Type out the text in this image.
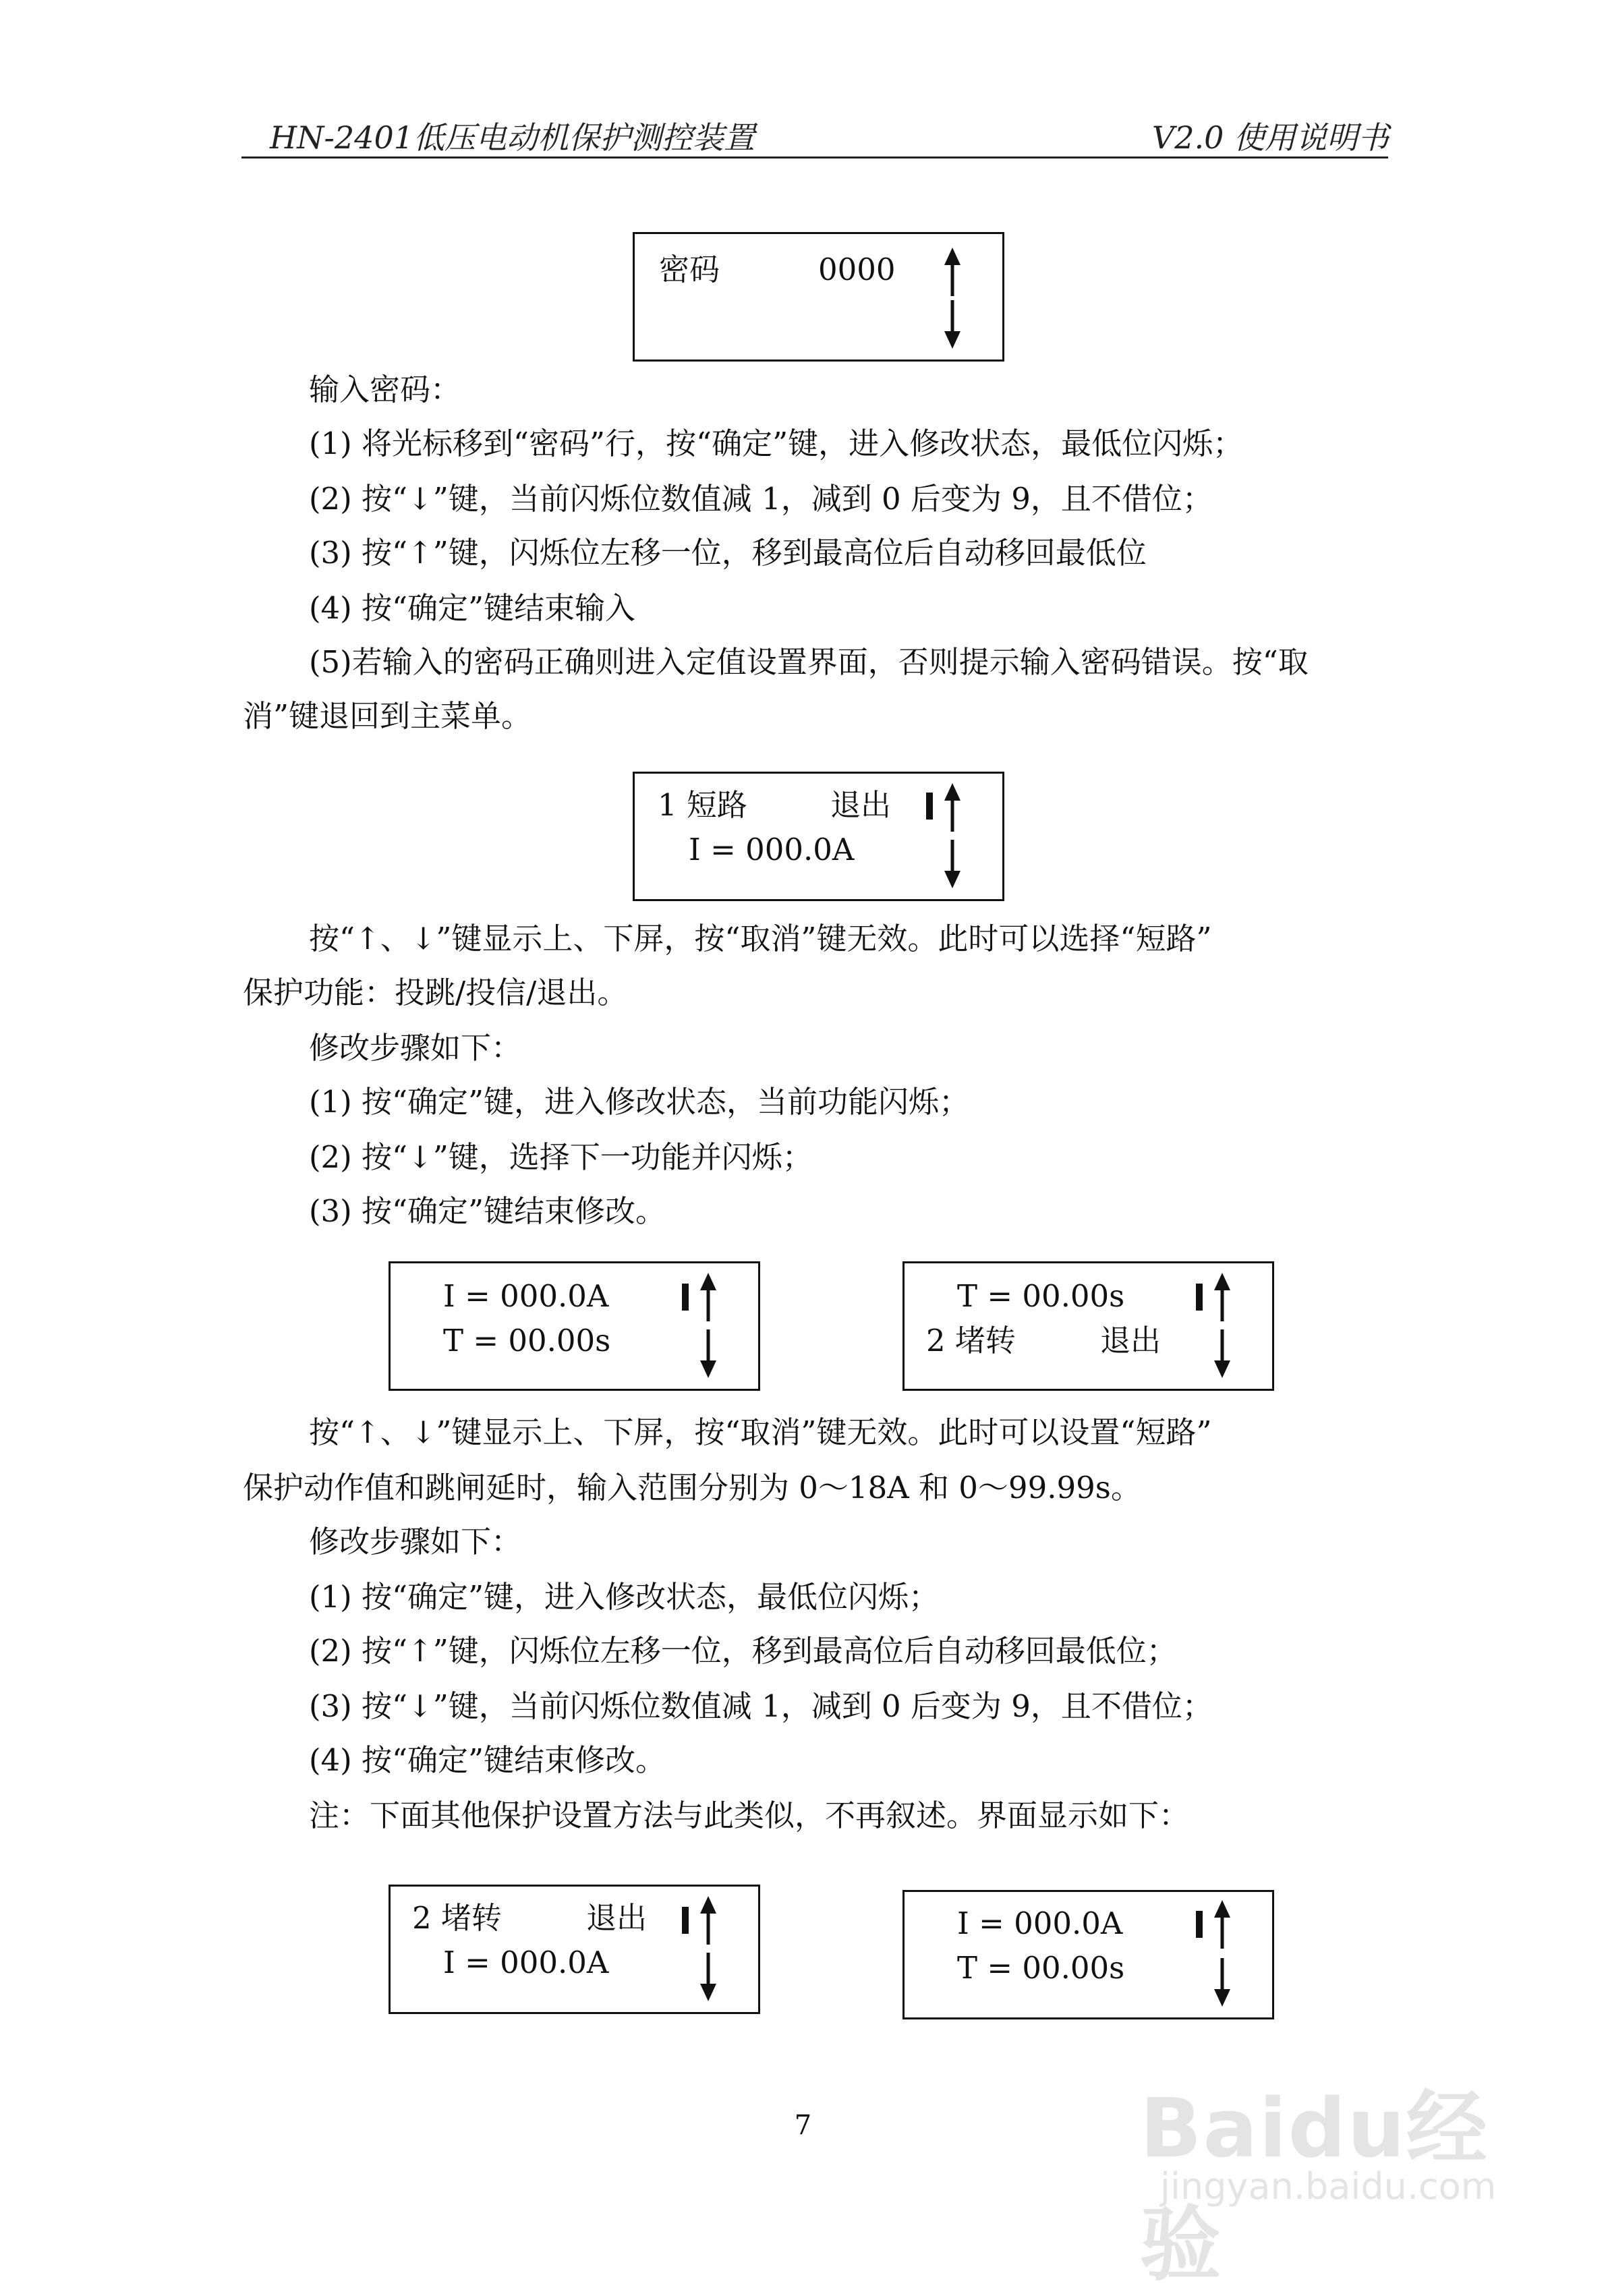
HN-2401低压电动机保护测控装置	V2.0 使用说明书
密码	0000
输入密码：
(1) 将光标移到“密码”行，按“确定”键，进入修改状态，最低位闪烁；
(2) 按“↓”键，当前闪烁位数值减 1，减到 0 后变为 9，且不借位；
(3) 按“↑”键，闪烁位左移一位，移到最高位后自动移回最低位
(4) 按“确定”键结束输入
(5)若输入的密码正确则进入定值设置界面，否则提示输入密码错误。按“取
消”键退回到主菜单。
1 短路	退出
I = 000.0A
按“↑、↓”键显示上、下屏，按“取消”键无效。此时可以选择“短路”
保护功能：投跳/投信/退出。
修改步骤如下：
(1) 按“确定”键，进入修改状态，当前功能闪烁；
(2) 按“↓”键，选择下一功能并闪烁；
(3) 按“确定”键结束修改。
I = 000.0A
T = 00.00s
T = 00.00s
2 堵转	退出
按“↑、↓”键显示上、下屏，按“取消”键无效。此时可以设置“短路”
保护动作值和跳闸延时，输入范围分别为 0～18A 和 0～99.99s。
修改步骤如下：
(1) 按“确定”键，进入修改状态，最低位闪烁；
(2) 按“↑”键，闪烁位左移一位，移到最高位后自动移回最低位；
(3) 按“↓”键，当前闪烁位数值减 1，减到 0 后变为 9，且不借位；
(4) 按“确定”键结束修改。
注：下面其他保护设置方法与此类似，不再叙述。界面显示如下：
2 堵转	退出
I = 000.0A
I = 000.0A
T = 00.00s
7	Baidu经验
jingyan.baidu.com
